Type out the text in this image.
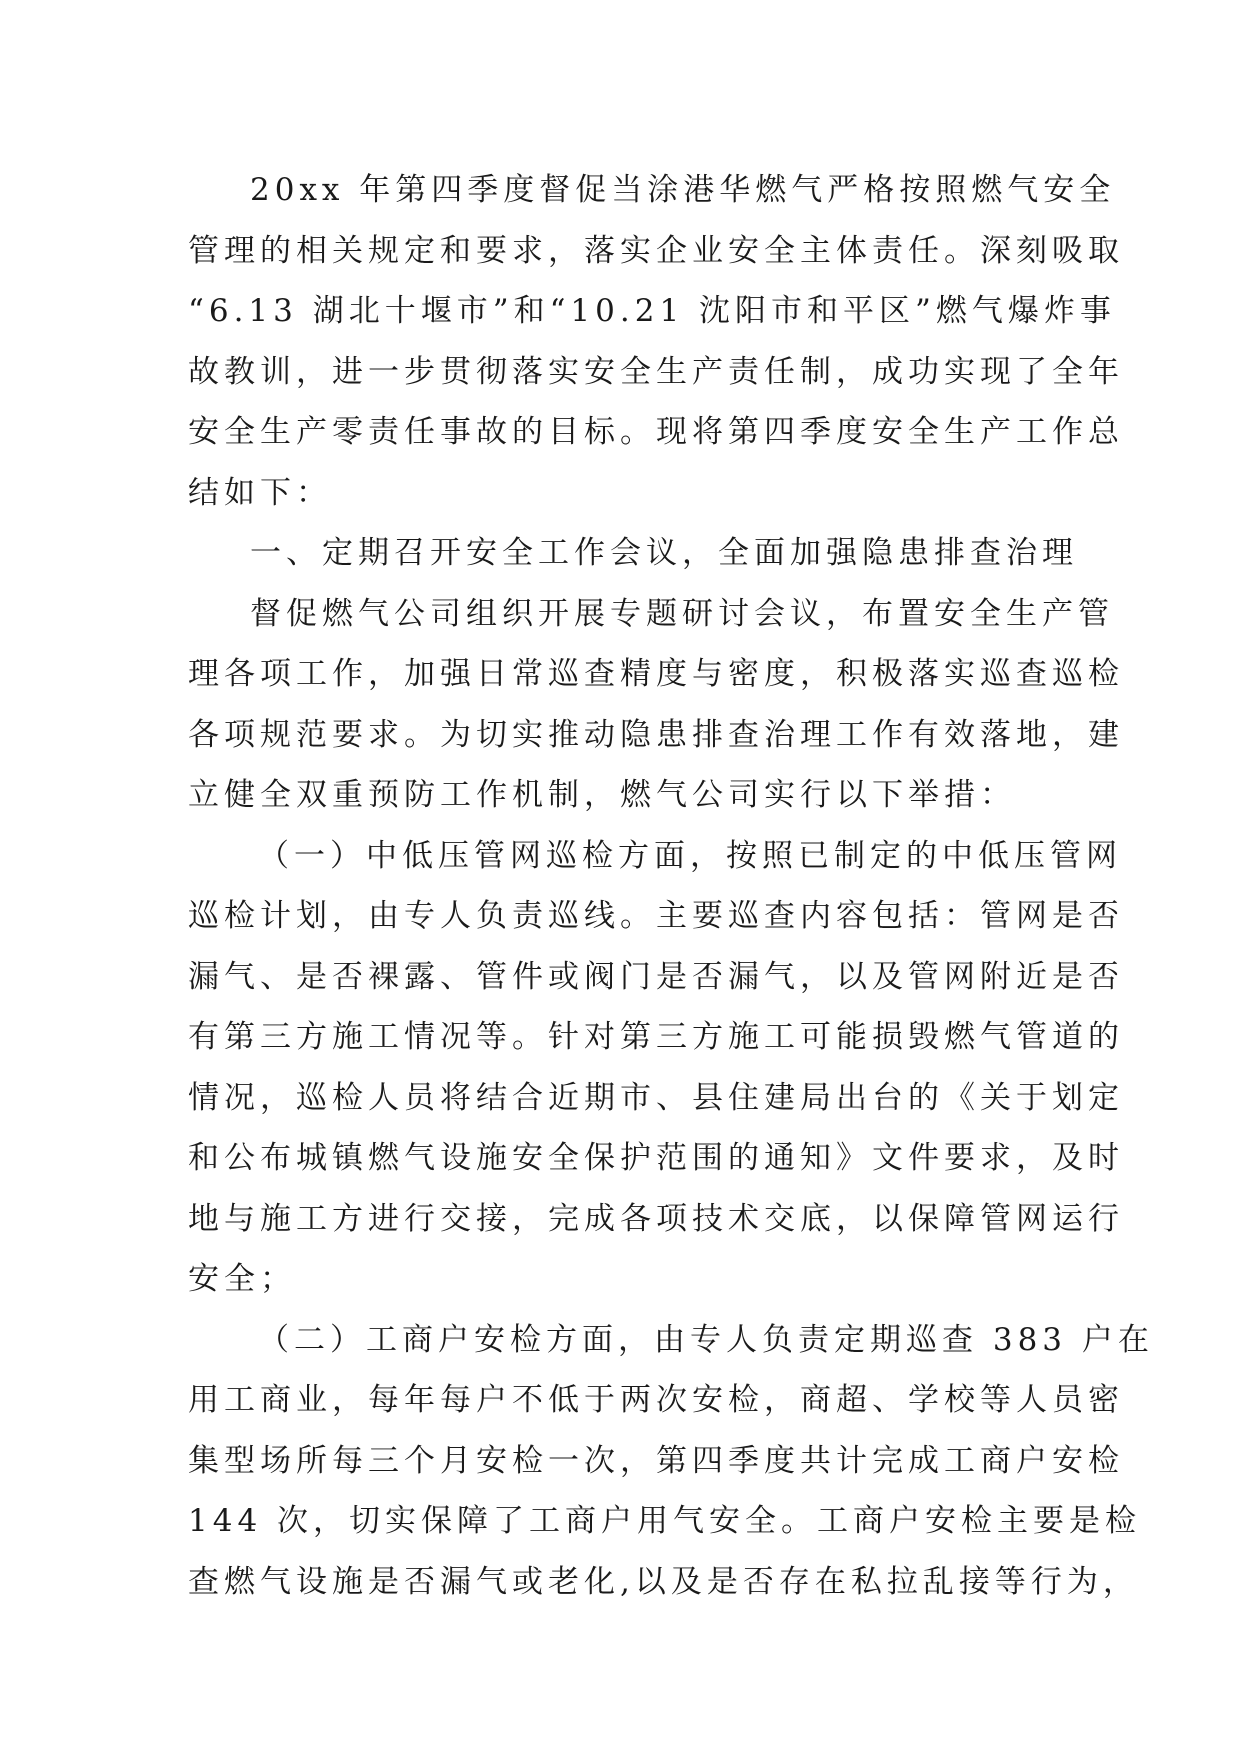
20xx 年第四季度督促当涂港华燃气严格按照燃气安全
管理的相关规定和要求，落实企业安全主体责任。深刻吸取
“6.13 湖北十堰市”和“10.21 沈阳市和平区”燃气爆炸事
故教训，进一步贯彻落实安全生产责任制，成功实现了全年
安全生产零责任事故的目标。现将第四季度安全生产工作总
结如下：
一、定期召开安全工作会议，全面加强隐患排查治理
督促燃气公司组织开展专题研讨会议，布置安全生产管
理各项工作，加强日常巡查精度与密度，积极落实巡查巡检
各项规范要求。为切实推动隐患排查治理工作有效落地，建
立健全双重预防工作机制，燃气公司实行以下举措：
（一）中低压管网巡检方面，按照已制定的中低压管网
巡检计划，由专人负责巡线。主要巡查内容包括：管网是否
漏气、是否裸露、管件或阀门是否漏气，以及管网附近是否
有第三方施工情况等。针对第三方施工可能损毁燃气管道的
情况，巡检人员将结合近期市、县住建局出台的《关于划定
和公布城镇燃气设施安全保护范围的通知》文件要求，及时
地与施工方进行交接，完成各项技术交底，以保障管网运行
安全；
（二）工商户安检方面，由专人负责定期巡查 383 户在
用工商业，每年每户不低于两次安检，商超、学校等人员密
集型场所每三个月安检一次，第四季度共计完成工商户安检
144 次，切实保障了工商户用气安全。工商户安检主要是检
查燃气设施是否漏气或老化,以及是否存在私拉乱接等行为，
